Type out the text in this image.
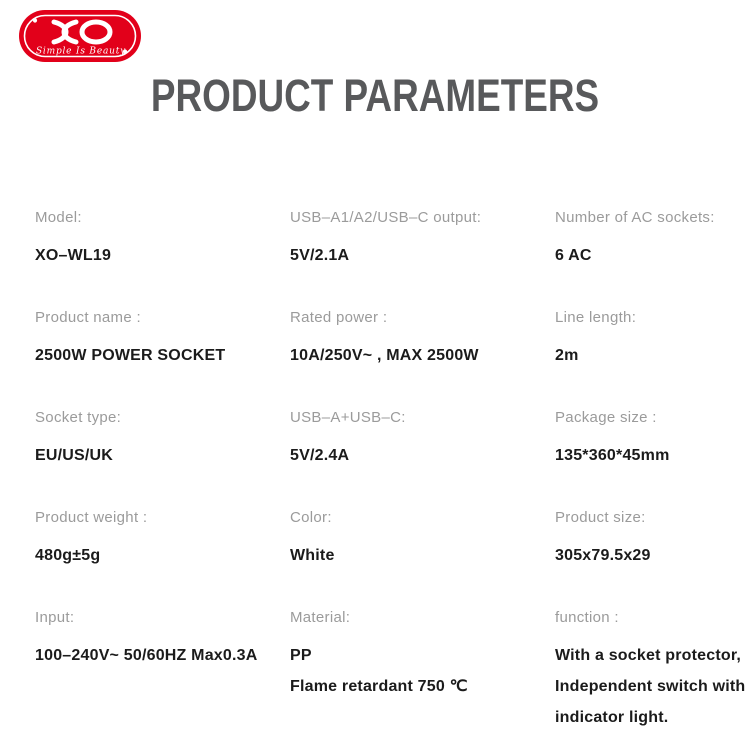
Simple Is Beauty
PRODUCT PARAMETERS
Model:
XO–WL19
USB–A1/A2/USB–C output:
5V/2.1A
Number of AC sockets:
6 AC
Product name :
2500W POWER SOCKET
Rated power :
10A/250V~ , MAX 2500W
Line length:
2m
Socket type:
EU/US/UK
USB–A+USB–C:
5V/2.4A
Package size :
135*360*45mm
Product weight :
480g±5g
Color:
White
Product size:
305x79.5x29
Input:
100–240V~ 50/60HZ Max0.3A
Material:
PP
Flame retardant 750 ℃
function :
With a socket protector,
Independent switch with
indicator light.
